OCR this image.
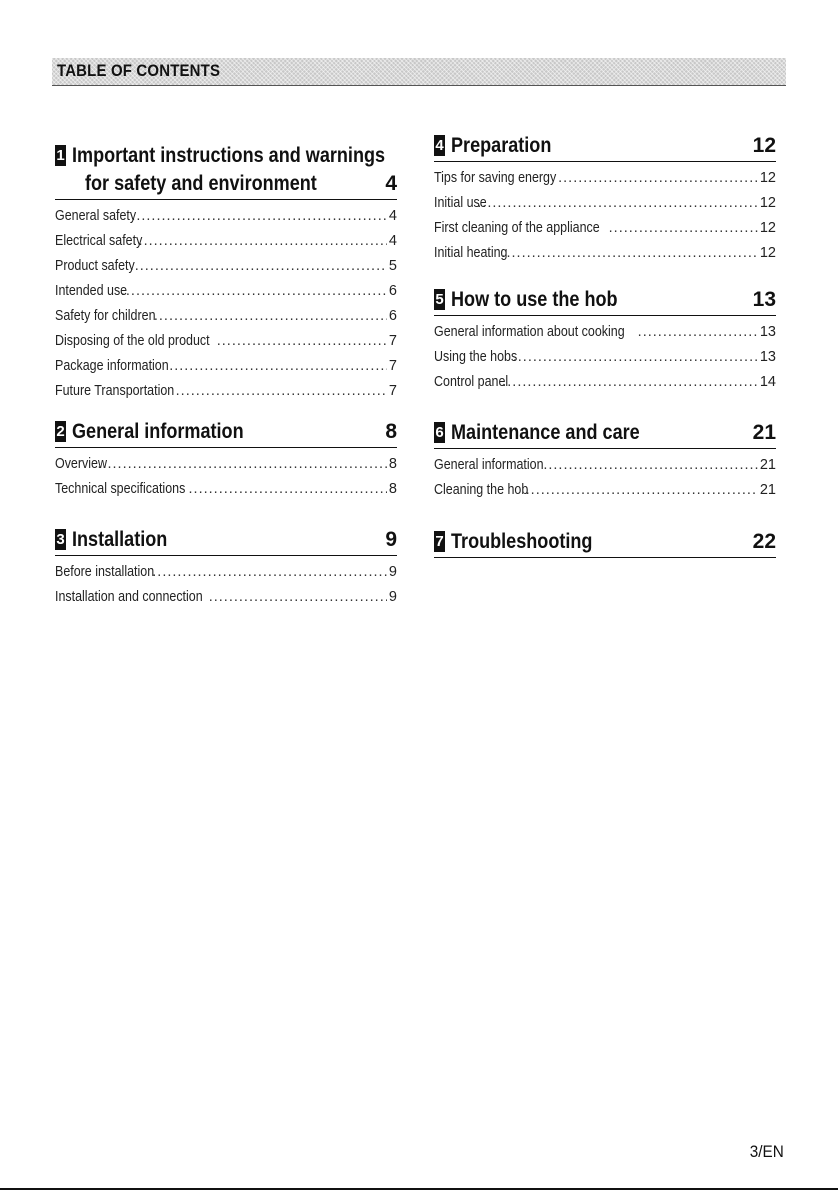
TABLE OF CONTENTS
1 Important instructions and warnings
for safety and environment	4
General safety .....	4
Electrical safety .....	4
Product safety .....	5
Intended use .....	6
Safety for children .....	6
Disposing of the old product .....	7
Package information .....	7
Future Transportation .....	7
2 General information	8
Overview .....	8
Technical specifications .....	8
3 Installation	9
Before installation .....	9
Installation and connection .....	9
4 Preparation	12
Tips for saving energy .....	12
Initial use .....	12
First cleaning of the appliance .....	12
Initial heating .....	12
5 How to use the hob	13
General information about cooking .....	13
Using the hobs .....	13
Control panel .....	14
6 Maintenance and care	21
General information .....	21
Cleaning the hob .....	21
7 Troubleshooting	22
3/EN
